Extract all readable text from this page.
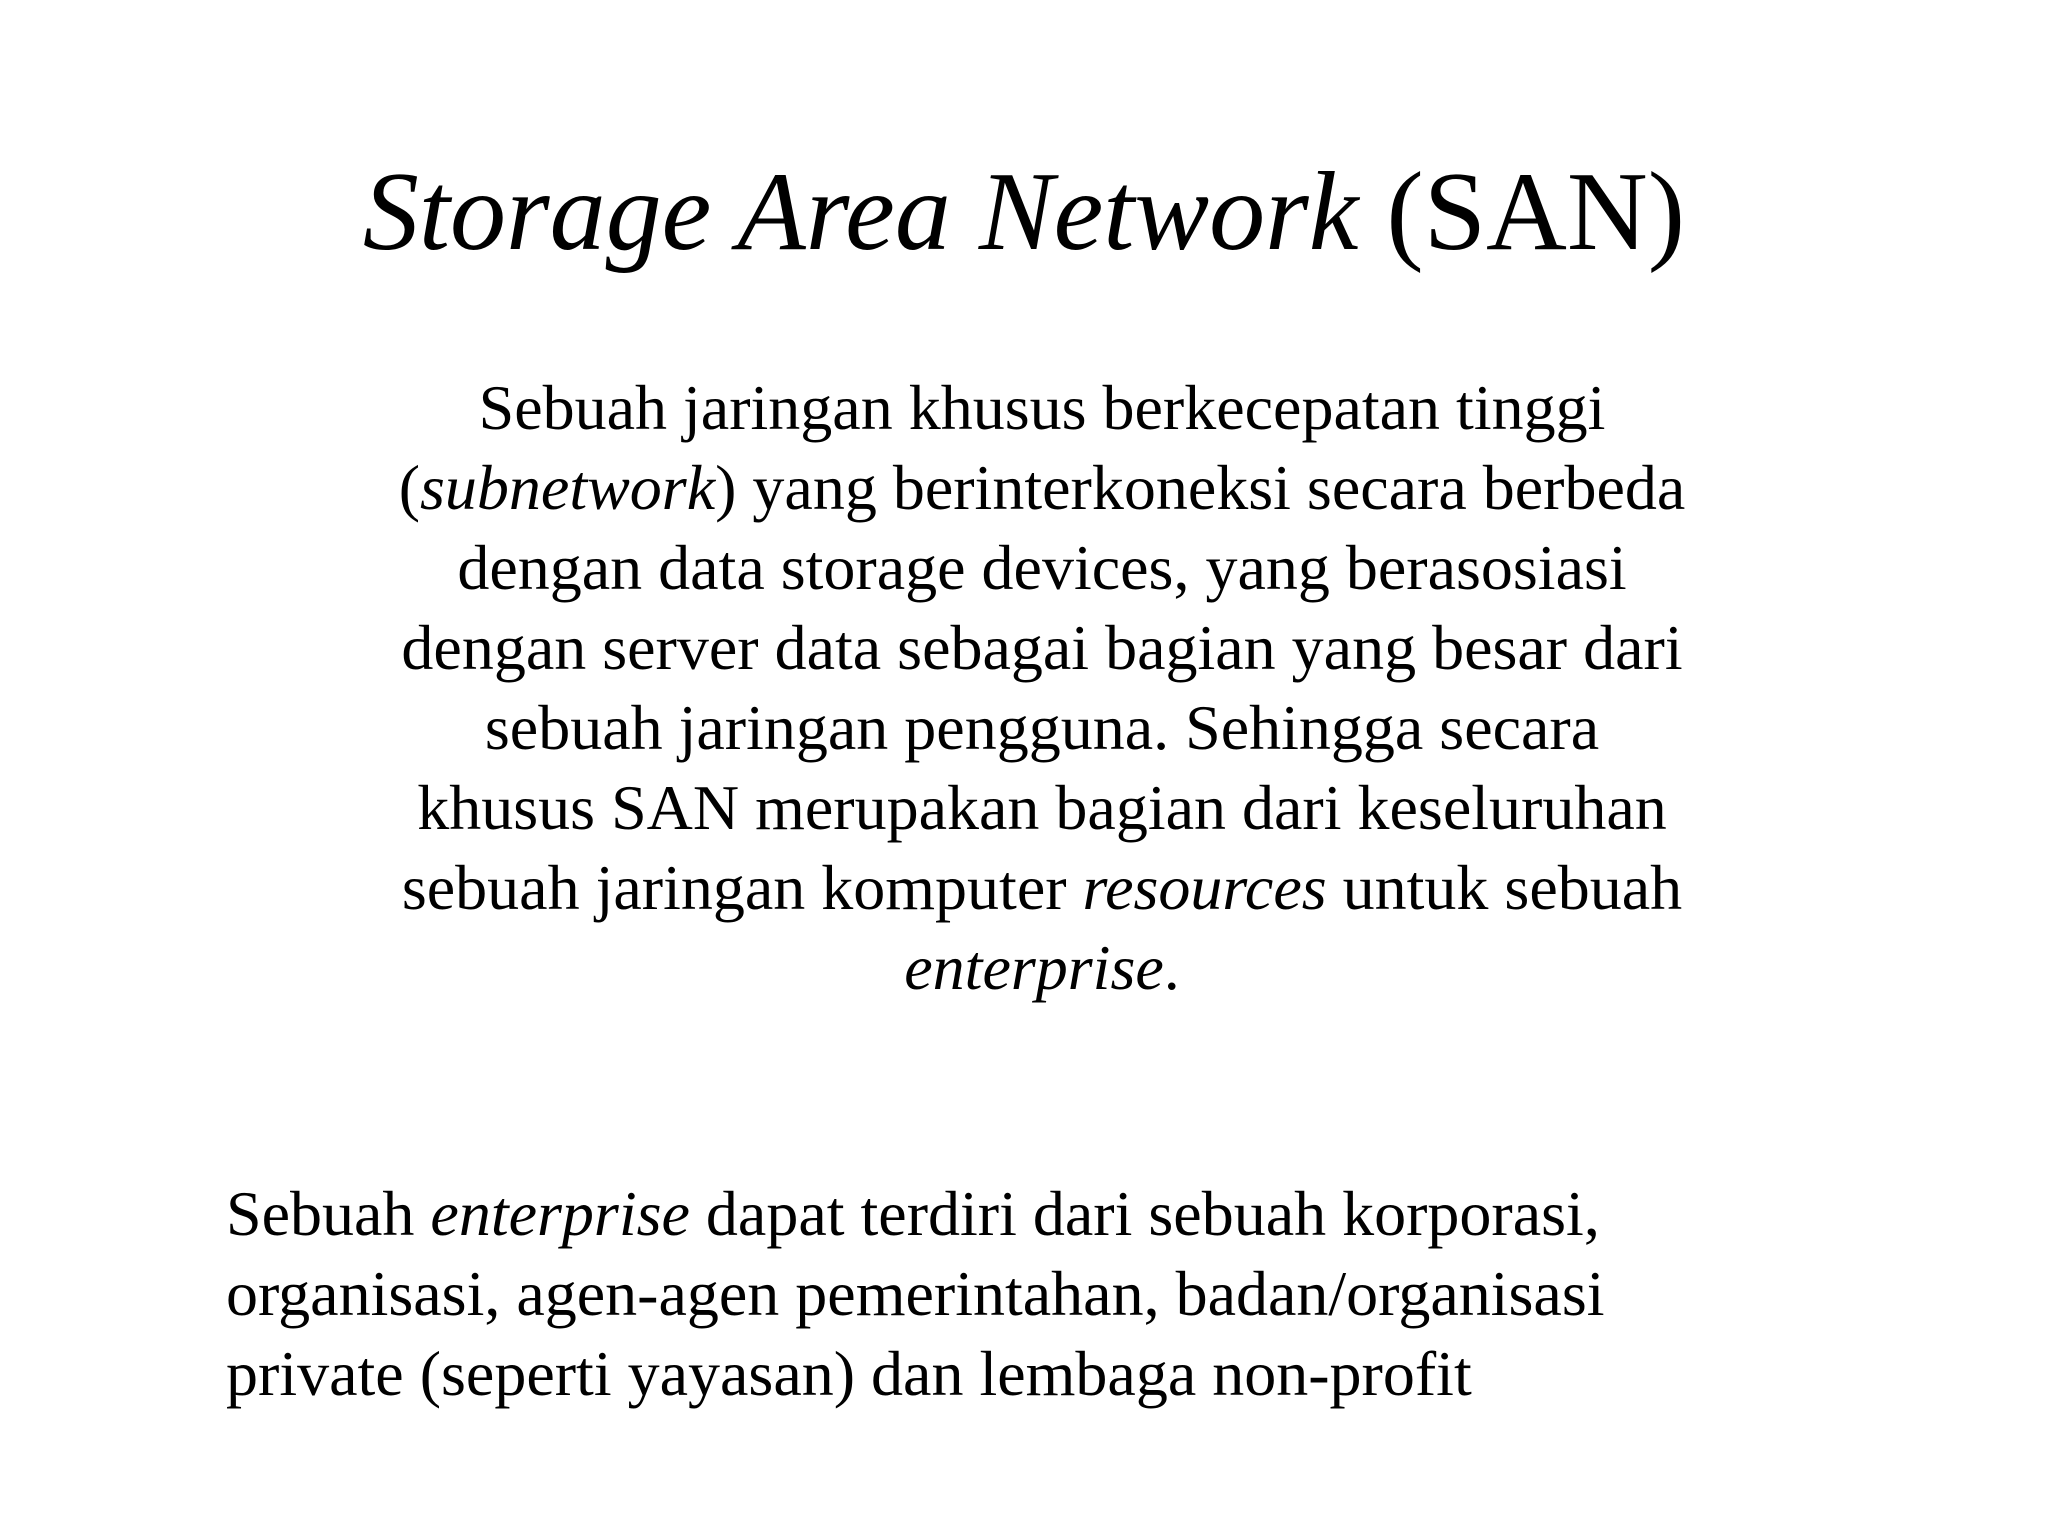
Storage Area Network (SAN)
Sebuah jaringan khusus berkecepatan tinggi
(subnetwork) yang berinterkoneksi secara berbeda
dengan data storage devices, yang berasosiasi
dengan server data sebagai bagian yang besar dari
sebuah jaringan pengguna. Sehingga secara
khusus SAN merupakan bagian dari keseluruhan
sebuah jaringan komputer resources untuk sebuah
enterprise.
Sebuah enterprise dapat terdiri dari sebuah korporasi,
organisasi, agen-agen pemerintahan, badan/organisasi
private (seperti yayasan) dan lembaga non-profit
